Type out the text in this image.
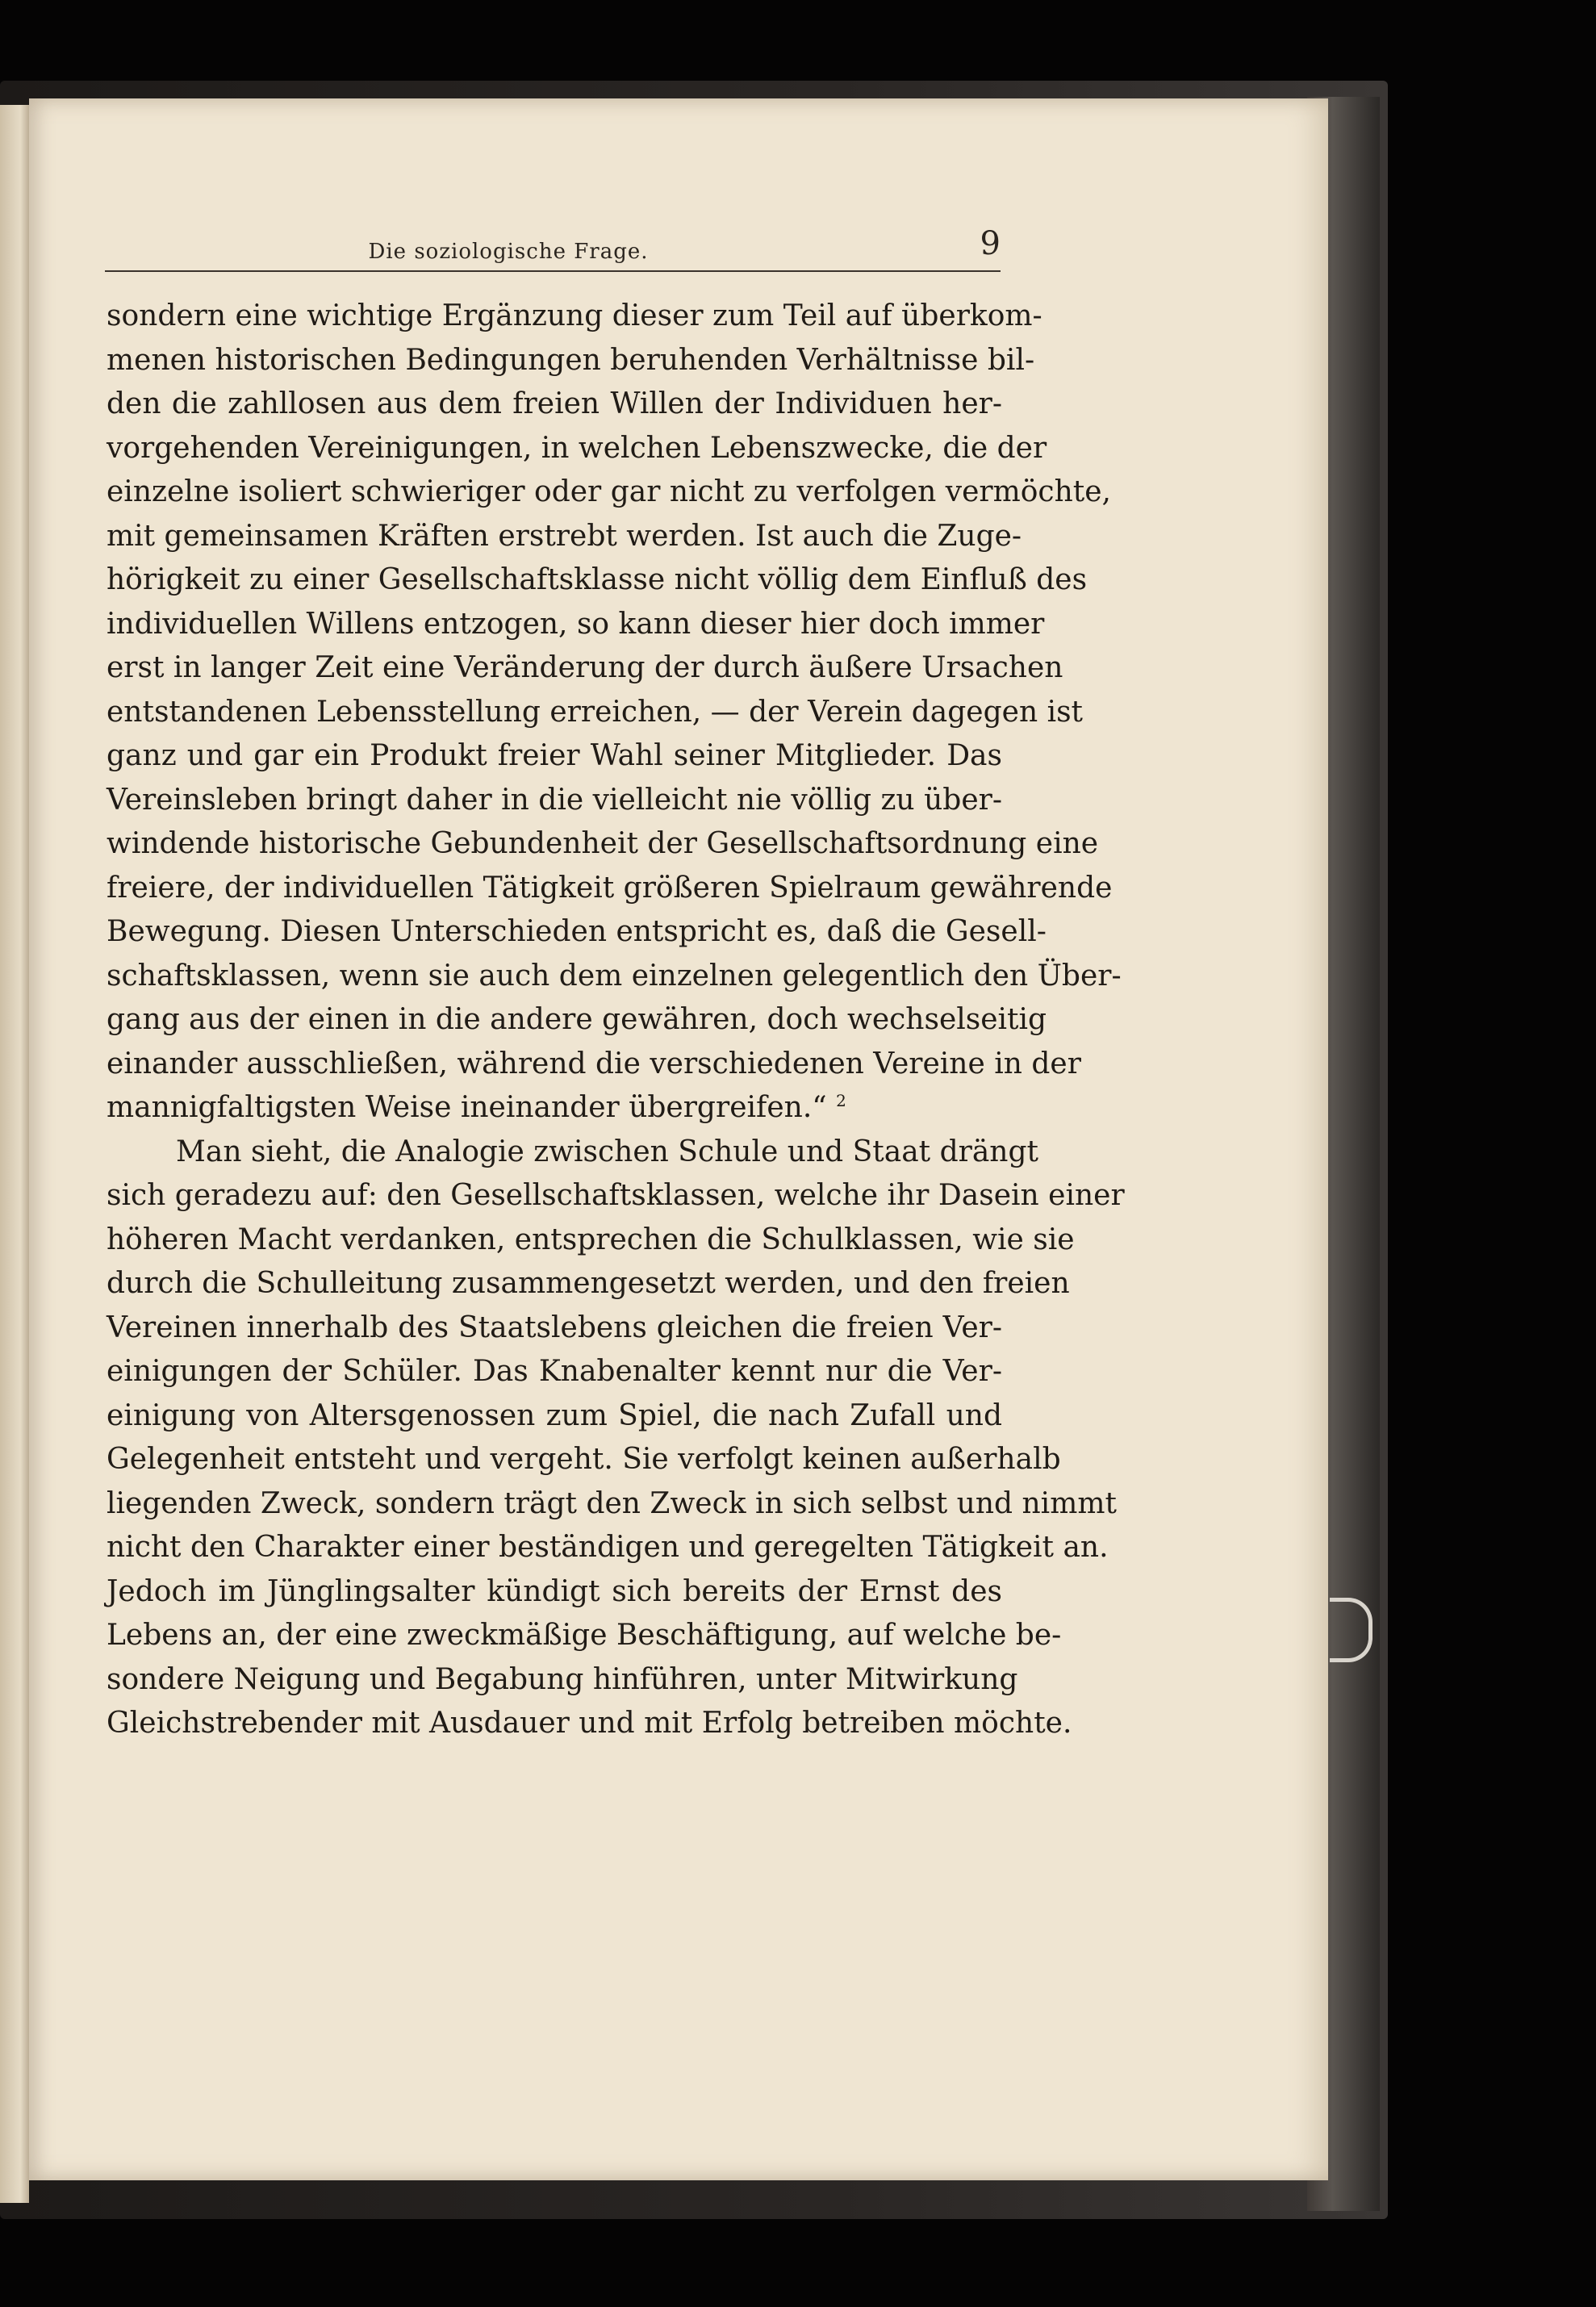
Die soziologische Frage.	9
sondern eine wichtige Ergänzung dieser zum Teil auf überkom-
menen historischen Bedingungen beruhenden Verhältnisse bil-
den die zahllosen aus dem freien Willen der Individuen her-
vorgehenden Vereinigungen, in welchen Lebenszwecke, die der
einzelne isoliert schwieriger oder gar nicht zu verfolgen vermöchte,
mit gemeinsamen Kräften erstrebt werden. Ist auch die Zuge-
hörigkeit zu einer Gesellschaftsklasse nicht völlig dem Einfluß des
individuellen Willens entzogen, so kann dieser hier doch immer
erst in langer Zeit eine Veränderung der durch äußere Ursachen
entstandenen Lebensstellung erreichen, — der Verein dagegen ist
ganz und gar ein Produkt freier Wahl seiner Mitglieder. Das
Vereinsleben bringt daher in die vielleicht nie völlig zu über-
windende historische Gebundenheit der Gesellschaftsordnung eine
freiere, der individuellen Tätigkeit größeren Spielraum gewährende
Bewegung. Diesen Unterschieden entspricht es, daß die Gesell-
schaftsklassen, wenn sie auch dem einzelnen gelegentlich den Über-
gang aus der einen in die andere gewähren, doch wechselseitig
einander ausschließen, während die verschiedenen Vereine in der
mannigfaltigsten Weise ineinander übergreifen.“ $^2$
Man sieht, die Analogie zwischen Schule und Staat drängt
sich geradezu auf: den Gesellschaftsklassen, welche ihr Dasein einer
höheren Macht verdanken, entsprechen die Schulklassen, wie sie
durch die Schulleitung zusammengesetzt werden, und den freien
Vereinen innerhalb des Staatslebens gleichen die freien Ver-
einigungen der Schüler. Das Knabenalter kennt nur die Ver-
einigung von Altersgenossen zum Spiel, die nach Zufall und
Gelegenheit entsteht und vergeht. Sie verfolgt keinen außerhalb
liegenden Zweck, sondern trägt den Zweck in sich selbst und nimmt
nicht den Charakter einer beständigen und geregelten Tätigkeit an.
Jedoch im Jünglingsalter kündigt sich bereits der Ernst des
Lebens an, der eine zweckmäßige Beschäftigung, auf welche be-
sondere Neigung und Begabung hinführen, unter Mitwirkung
Gleichstrebender mit Ausdauer und mit Erfolg betreiben möchte.
